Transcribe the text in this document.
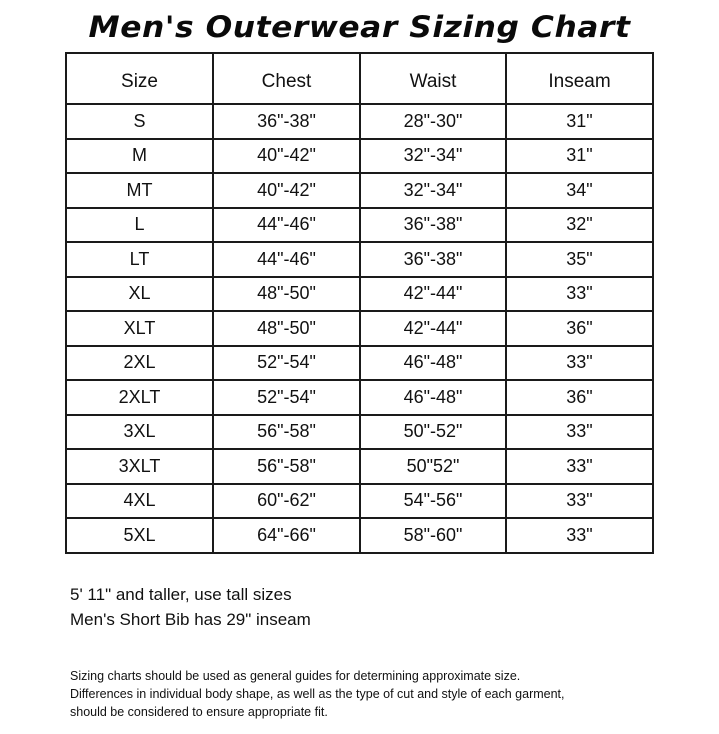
Men's Outerwear Sizing Chart
Size	Chest	Waist	Inseam
S	36"-38"	28"-30"	31"
M	40"-42"	32"-34"	31"
MT	40"-42"	32"-34"	34"
L	44"-46"	36"-38"	32"
LT	44"-46"	36"-38"	35"
XL	48"-50"	42"-44"	33"
XLT	48"-50"	42"-44"	36"
2XL	52"-54"	46"-48"	33"
2XLT	52"-54"	46"-48"	36"
3XL	56"-58"	50"-52"	33"
3XLT	56"-58"	50"52"	33"
4XL	60"-62"	54"-56"	33"
5XL	64"-66"	58"-60"	33"
5' 11" and taller, use tall sizes
Men's Short Bib has 29" inseam
Sizing charts should be used as general guides for determining approximate size.
Differences in individual body shape, as well as the type of cut and style of each garment,
should be considered to ensure appropriate fit.
